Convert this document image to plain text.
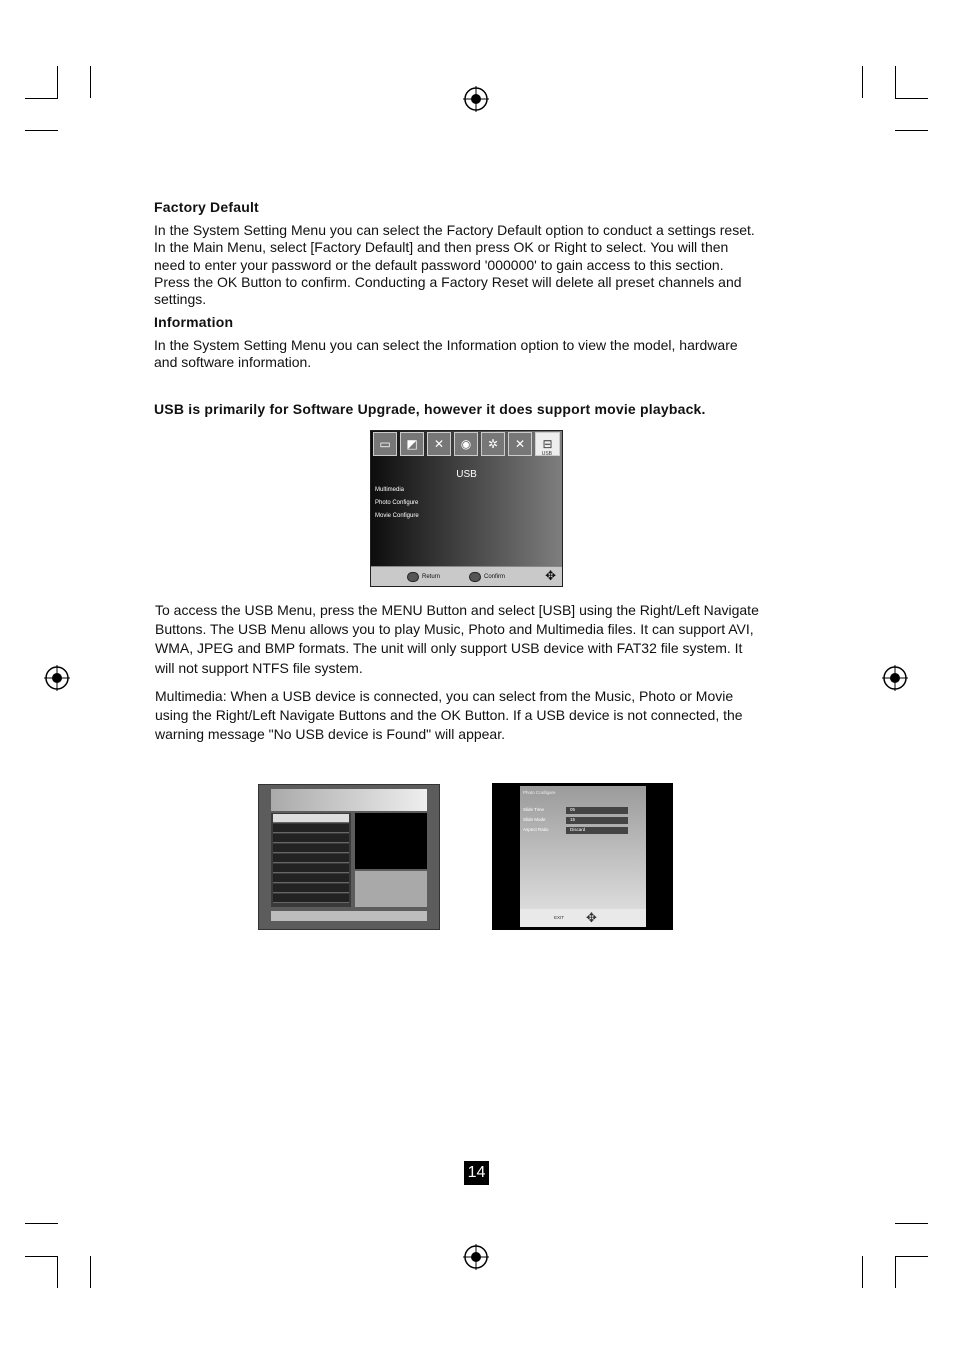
Factory Default
In the System Setting Menu you can select the Factory Default option to conduct a settings reset.
In the Main Menu, select [Factory Default] and then press OK or Right to select. You will then
need to enter your password or the default password '000000' to gain access to this section.
Press the OK Button to confirm. Conducting a Factory Reset will delete all preset channels and
settings.
Information
In the System Setting Menu you can select the Information option to view the model, hardware
and software information.
USB is primarily for Software Upgrade, however it does support movie playback.
▭	◩	✕	◉	✲	✕	⊟
USB
USB
Multimedia
Photo Configure
Movie Configure
Return	Confirm	✥
To access the USB Menu, press the MENU Button and select [USB] using the Right/Left Navigate
Buttons. The USB Menu allows you to play Music, Photo and Multimedia files. It can support AVI,
WMA, JPEG and BMP formats. The unit will only support USB device with FAT32 file system. It
will not support NTFS file system.
Multimedia: When a USB device is connected, you can select from the Music, Photo or Movie
using the Right/Left Navigate Buttons and the OK Button. If a USB device is not connected, the
warning message "No USB device is Found" will appear.
Photo Configure
Slide Time	05
Slide Mode	15
Aspect Ratio	Discard
EXIT ✥
14
